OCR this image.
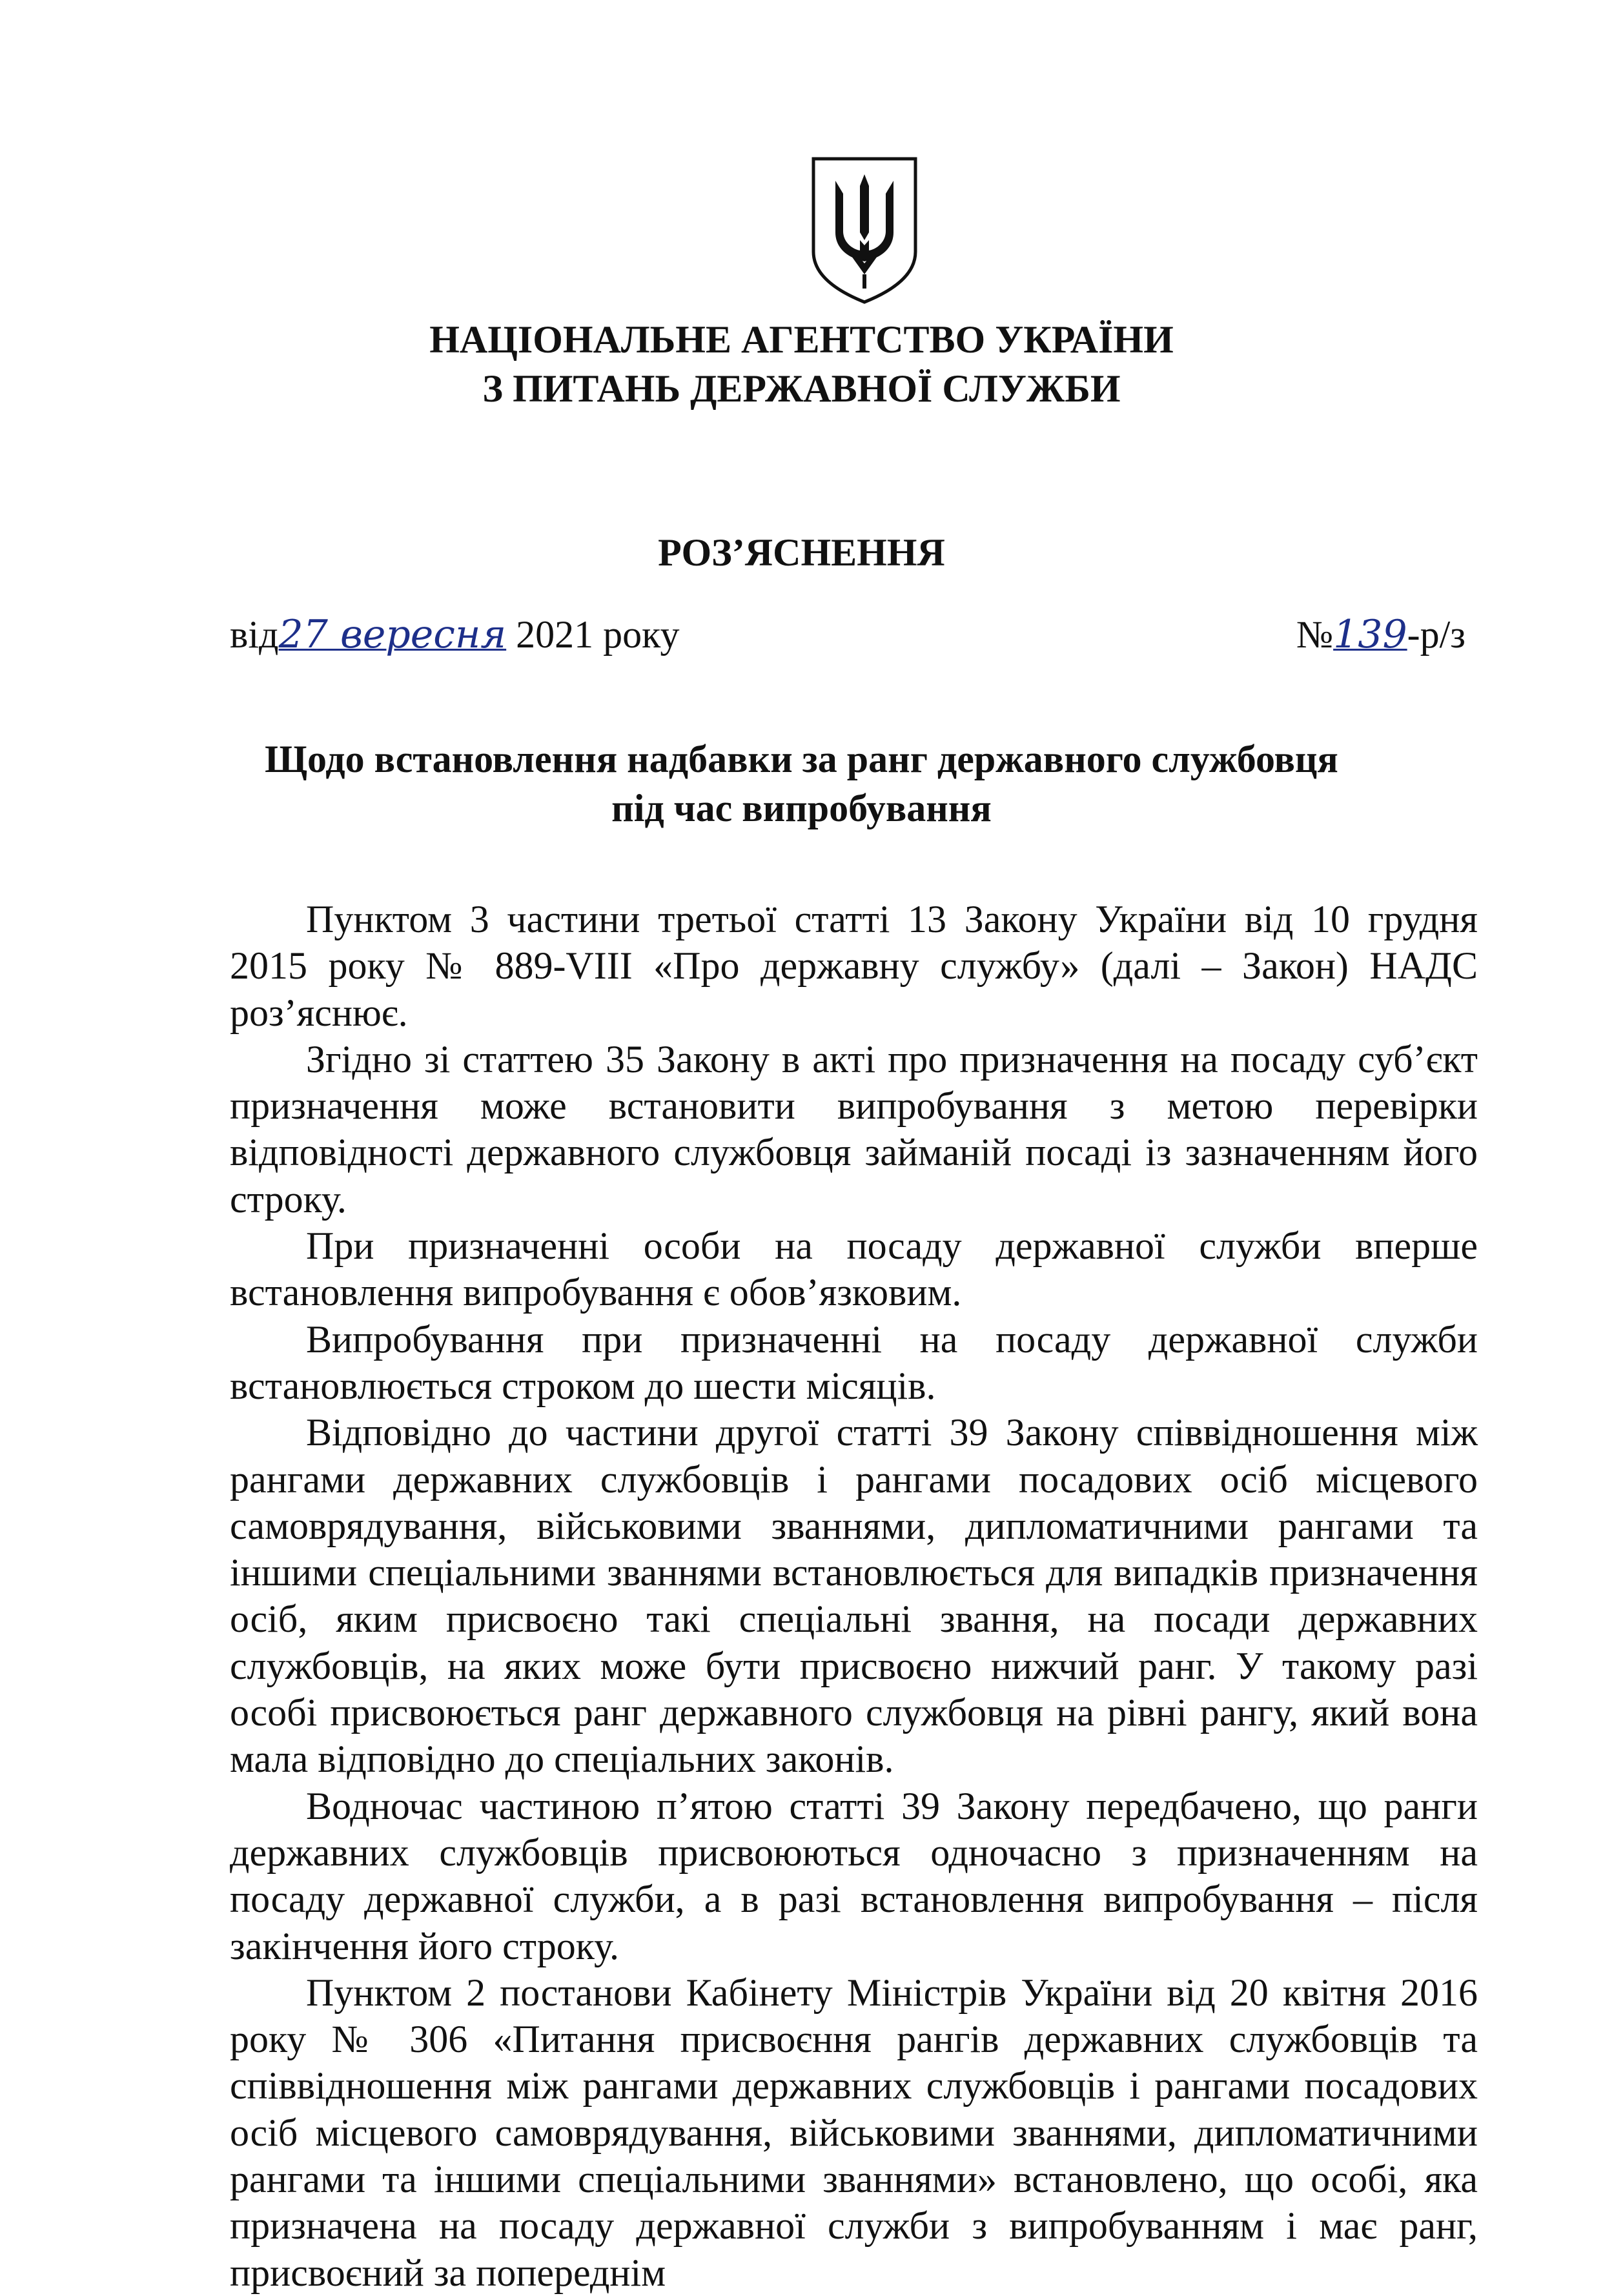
НАЦІОНАЛЬНЕ АГЕНТСТВО УКРАЇНИ
З ПИТАНЬ ДЕРЖАВНОЇ СЛУЖБИ
РОЗ’ЯСНЕННЯ
від27 вересня 2021 року	№139-р/з
Щодо встановлення надбавки за ранг державного службовця
під час випробування

Пунктом 3 частини третьої статті 13 Закону України від 10 грудня 2015 року № 889-VIII «Про державну службу» (далі – Закон) НАДС роз’яснює.

Згідно зі статтею 35 Закону в акті про призначення на посаду суб’єкт призначення може встановити випробування з метою перевірки відповідності державного службовця займаній посаді із зазначенням його строку.

При призначенні особи на посаду державної служби вперше встановлення випробування є обов’язковим.

Випробування при призначенні на посаду державної служби встановлюється строком до шести місяців.

Відповідно до частини другої статті 39 Закону співвідношення між рангами державних службовців і рангами посадових осіб місцевого самоврядування, військовими званнями, дипломатичними рангами та іншими спеціальними званнями встановлюється для випадків призначення осіб, яким присвоєно такі спеціальні звання, на посади державних службовців, на яких може бути присвоєно нижчий ранг. У такому разі особі присвоюється ранг державного службовця на рівні рангу, який вона мала відповідно до спеціальних законів.

Водночас частиною п’ятою статті 39 Закону передбачено, що ранги державних службовців присвоюються одночасно з призначенням на посаду державної служби, а в разі встановлення випробування – після закінчення його строку.

Пунктом 2 постанови Кабінету Міністрів України від 20 квітня 2016 року № 306 «Питання присвоєння рангів державних службовців та співвідношення між рангами державних службовців і рангами посадових осіб місцевого самоврядування, військовими званнями, дипломатичними рангами та іншими спеціальними званнями» встановлено, що особі, яка призначена на посаду державної служби з випробуванням і має ранг, присвоєний за попереднім
